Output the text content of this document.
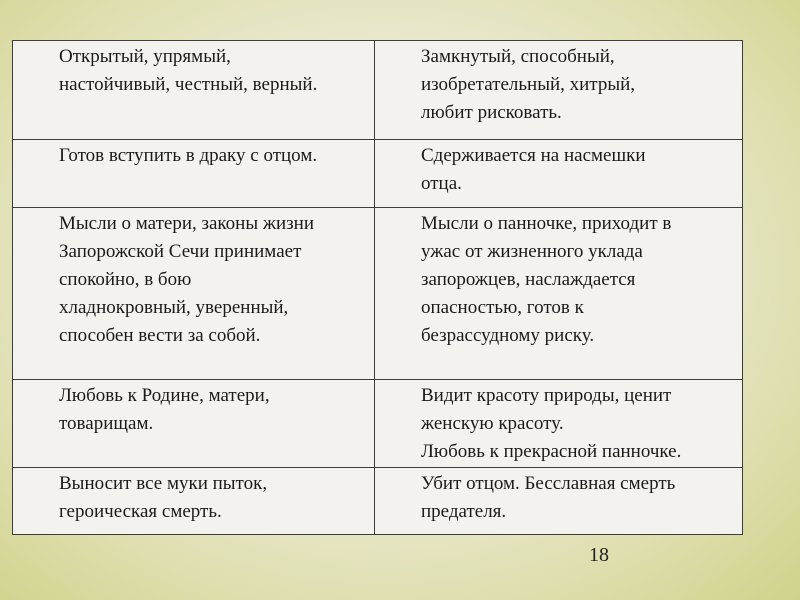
Открытый, упрямый,
настойчивый, честный, верный.	Замкнутый, способный,
изобретательный, хитрый,
любит рисковать.

Готов вступить в драку с отцом.	Сдерживается на насмешки
отца.

Мысли о матери, законы жизни
Запорожской Сечи принимает
спокойно, в бою
хладнокровный, уверенный,
способен вести за собой.	Мысли о панночке, приходит в
ужас от жизненного уклада
запорожцев, наслаждается
опасностью, готов к
безрассудному риску.

Любовь к Родине, матери,
товарищам.	Видит красоту природы, ценит
женскую красоту.
Любовь к прекрасной панночке.

Выносит все муки пыток,
героическая смерть.	Убит отцом. Бесславная смерть
предателя.
18
